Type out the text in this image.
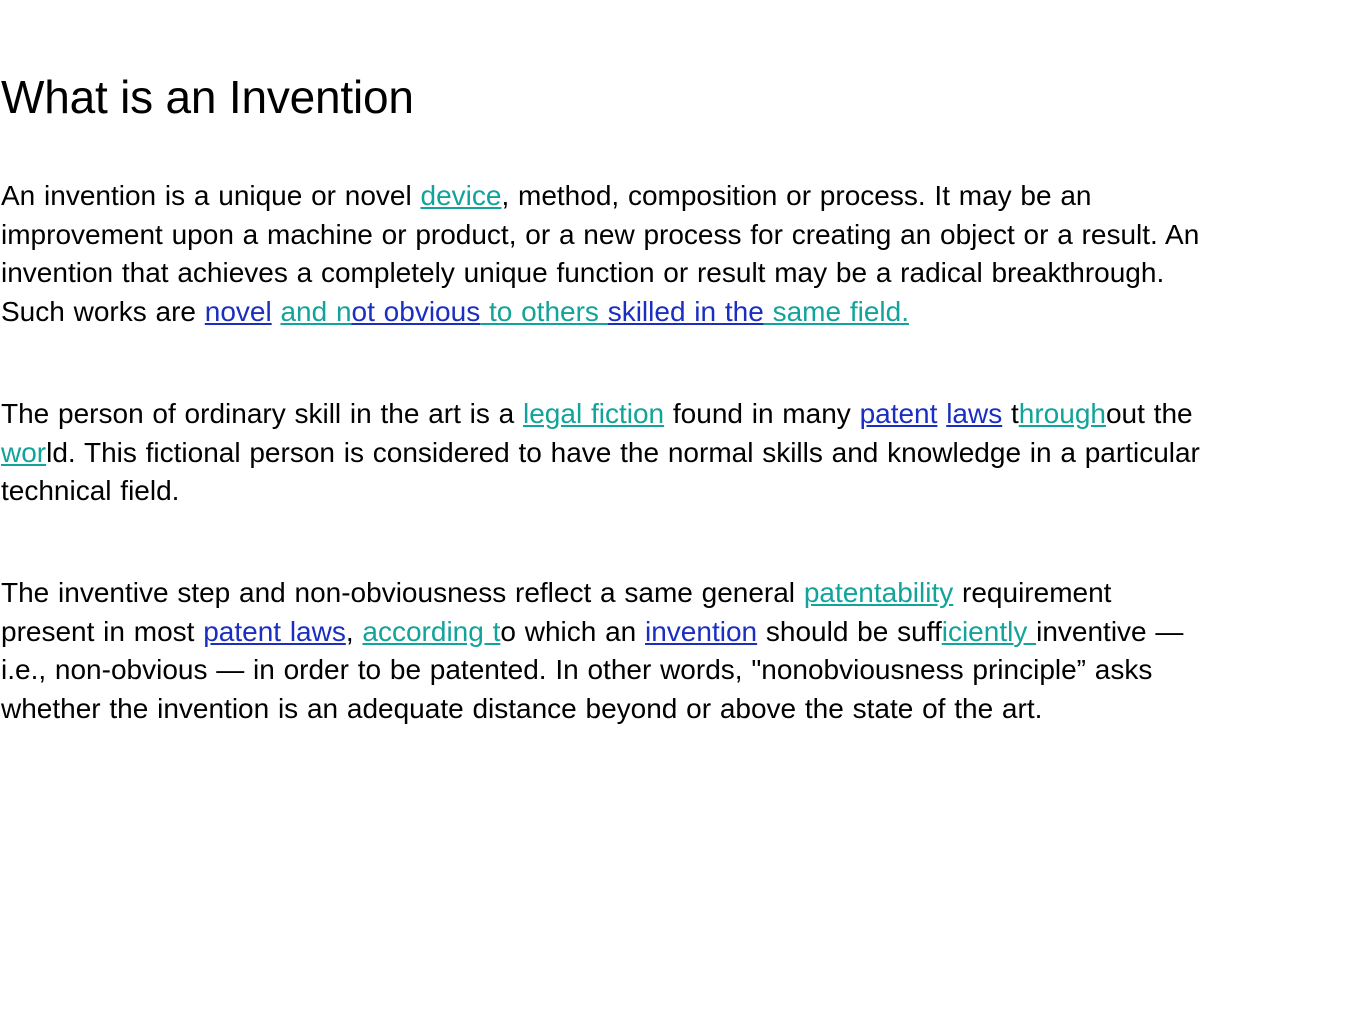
What is an Invention

An invention is a unique or novel device, method, composition or process. It may be an
improvement upon a machine or product, or a new process for creating an object or a result. An
invention that achieves a completely unique function or result may be a radical breakthrough.
Such works are novel and not obvious to others skilled in the same field.

The person of ordinary skill in the art is a legal fiction found in many patent laws throughout the
world. This fictional person is considered to have the normal skills and knowledge in a particular
technical field.

The inventive step and non-obviousness reflect a same general patentability requirement
present in most patent laws, according to which an invention should be sufficiently inventive —
i.e., non-obvious — in order to be patented. In other words, "nonobviousness principle” asks
whether the invention is an adequate distance beyond or above the state of the art.
